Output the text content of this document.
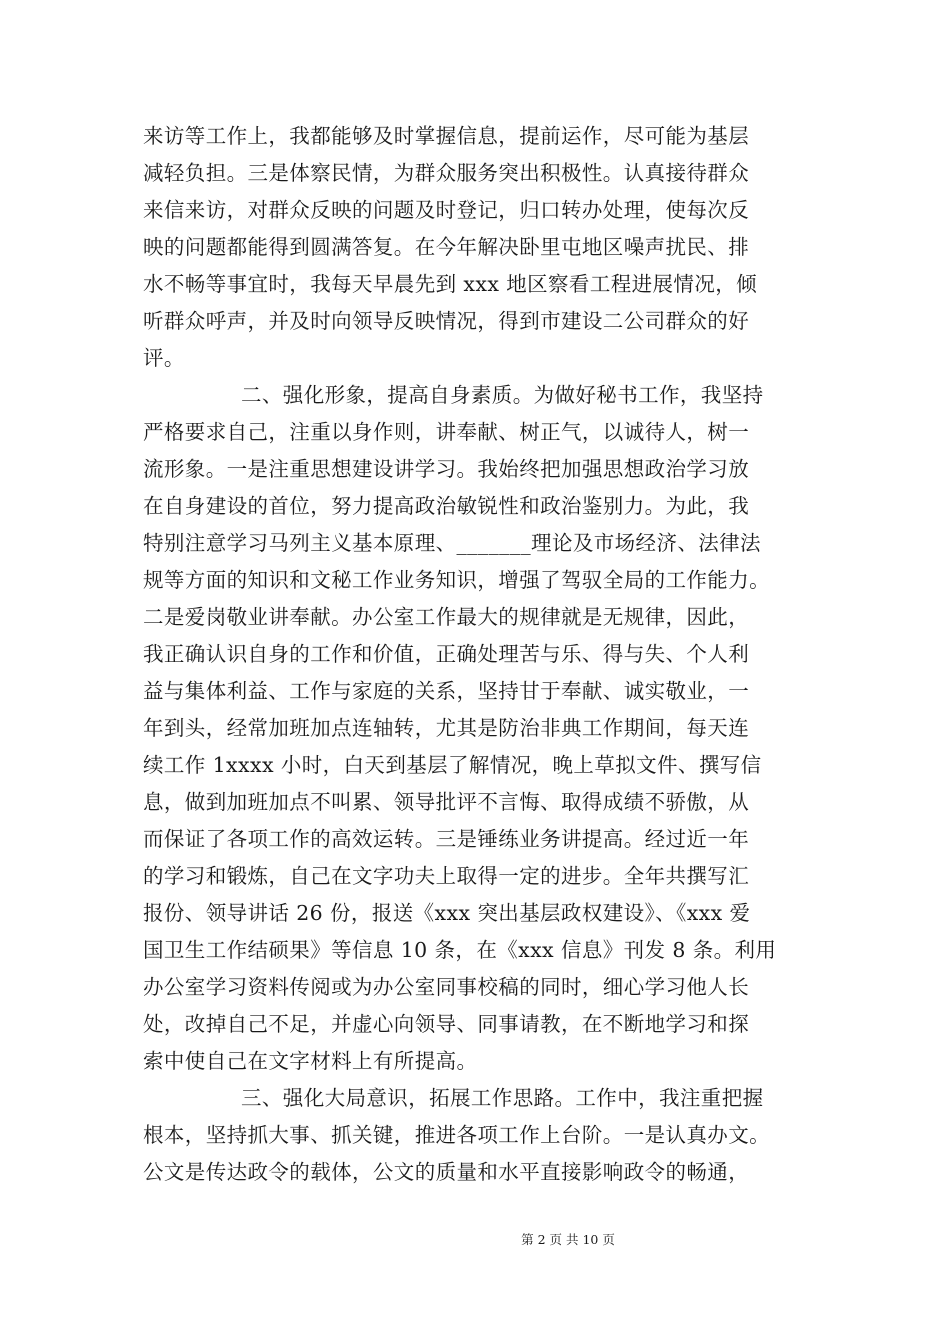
来访等工作上，我都能够及时掌握信息，提前运作，尽可能为基层
减轻负担。三是体察民情，为群众服务突出积极性。认真接待群众
来信来访，对群众反映的问题及时登记，归口转办处理，使每次反
映的问题都能得到圆满答复。在今年解决卧里屯地区噪声扰民、排
水不畅等事宜时，我每天早晨先到 xxx 地区察看工程进展情况，倾
听群众呼声，并及时向领导反映情况，得到市建设二公司群众的好
评。
二、强化形象，提高自身素质。为做好秘书工作，我坚持
严格要求自己，注重以身作则，讲奉献、树正气，以诚待人，树一
流形象。一是注重思想建设讲学习。我始终把加强思想政治学习放
在自身建设的首位，努力提高政治敏锐性和政治鉴别力。为此，我
特别注意学习马列主义基本原理、_______理论及市场经济、法律法
规等方面的知识和文秘工作业务知识，增强了驾驭全局的工作能力。
二是爱岗敬业讲奉献。办公室工作最大的规律就是无规律，因此，
我正确认识自身的工作和价值，正确处理苦与乐、得与失、个人利
益与集体利益、工作与家庭的关系，坚持甘于奉献、诚实敬业，一
年到头，经常加班加点连轴转，尤其是防治非典工作期间，每天连
续工作 1xxxx 小时，白天到基层了解情况，晚上草拟文件、撰写信
息，做到加班加点不叫累、领导批评不言悔、取得成绩不骄傲，从
而保证了各项工作的高效运转。三是锤练业务讲提高。经过近一年
的学习和锻炼，自己在文字功夫上取得一定的进步。全年共撰写汇
报份、领导讲话 26 份，报送《xxx 突出基层政权建设》、《xxx 爱
国卫生工作结硕果》等信息 10 条，在《xxx 信息》刊发 8 条。利用
办公室学习资料传阅或为办公室同事校稿的同时，细心学习他人长
处，改掉自己不足，并虚心向领导、同事请教，在不断地学习和探
索中使自己在文字材料上有所提高。
三、强化大局意识，拓展工作思路。工作中，我注重把握
根本，坚持抓大事、抓关键，推进各项工作上台阶。一是认真办文。
公文是传达政令的载体，公文的质量和水平直接影响政令的畅通，
第 2 页 共 10 页
